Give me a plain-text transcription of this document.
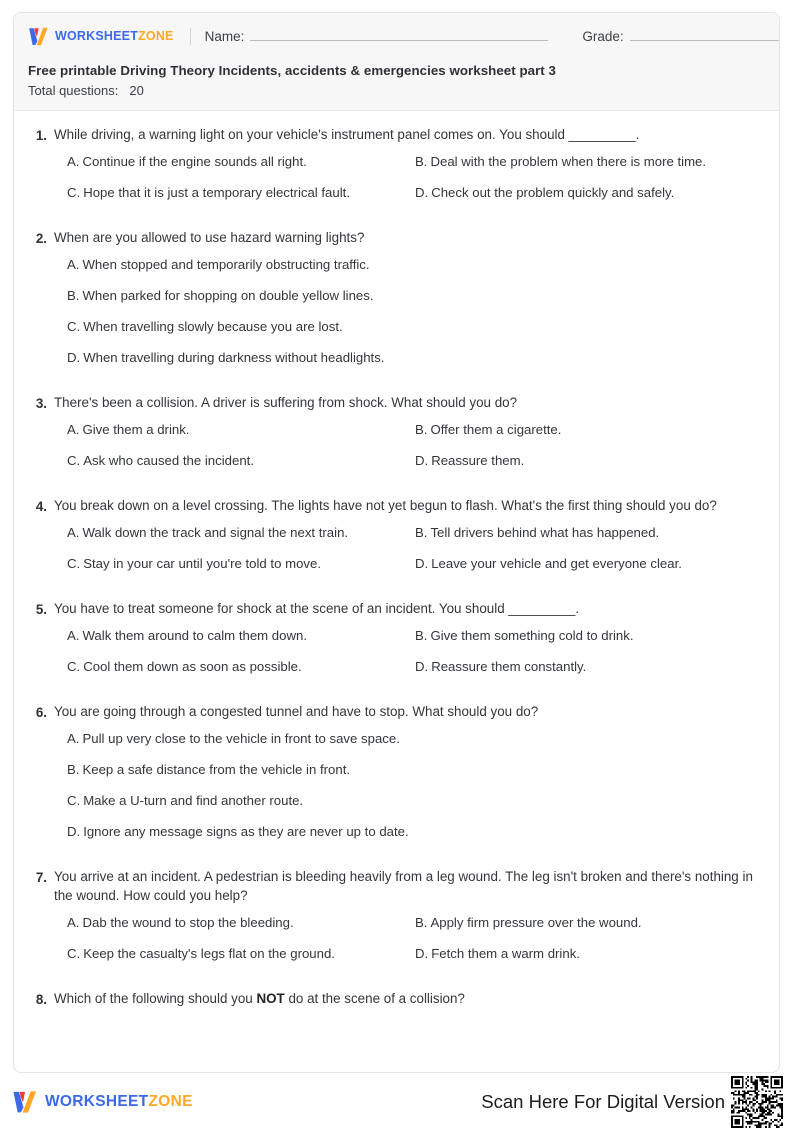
WORKSHEETZONE Name:	Grade:
Free printable Driving Theory Incidents, accidents & emergencies worksheet part 3
Total questions: 20
1. While driving, a warning light on your vehicle's instrument panel comes on. You should _________.
A. Continue if the engine sounds all right.	B. Deal with the problem when there is more time.
C. Hope that it is just a temporary electrical fault.	D. Check out the problem quickly and safely.
2. When are you allowed to use hazard warning lights?
A. When stopped and temporarily obstructing traffic.
B. When parked for shopping on double yellow lines.
C. When travelling slowly because you are lost.
D. When travelling during darkness without headlights.
3. There's been a collision. A driver is suffering from shock. What should you do?
A. Give them a drink.	B. Offer them a cigarette.
C. Ask who caused the incident.	D. Reassure them.
4. You break down on a level crossing. The lights have not yet begun to flash. What's the first thing should you do?
A. Walk down the track and signal the next train.	B. Tell drivers behind what has happened.
C. Stay in your car until you're told to move.	D. Leave your vehicle and get everyone clear.
5. You have to treat someone for shock at the scene of an incident. You should _________.
A. Walk them around to calm them down.	B. Give them something cold to drink.
C. Cool them down as soon as possible.	D. Reassure them constantly.
6. You are going through a congested tunnel and have to stop. What should you do?
A. Pull up very close to the vehicle in front to save space.
B. Keep a safe distance from the vehicle in front.
C. Make a U-turn and find another route.
D. Ignore any message signs as they are never up to date.
7. You arrive at an incident. A pedestrian is bleeding heavily from a leg wound. The leg isn't broken and there's nothing in the wound. How could you help?
A. Dab the wound to stop the bleeding.	B. Apply firm pressure over the wound.
C. Keep the casualty's legs flat on the ground.	D. Fetch them a warm drink.
8. Which of the following should you NOT do at the scene of a collision?
WORKSHEETZONE	Scan Here For Digital Version
